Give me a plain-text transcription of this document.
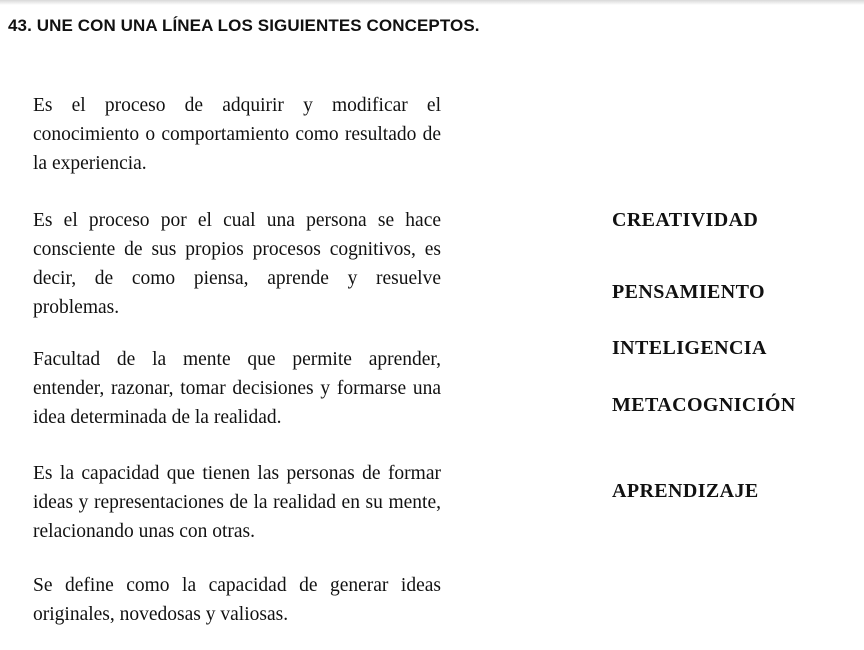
43. UNE CON UNA LÍNEA LOS SIGUIENTES CONCEPTOS.
Es el proceso de adquirir y modificar el conocimiento o comportamiento como resultado de la experiencia.
Es el proceso por el cual una persona se hace consciente de sus propios procesos cognitivos, es decir, de como piensa, aprende y resuelve problemas.
Facultad de la mente que permite aprender, entender, razonar, tomar decisiones y formarse una idea determinada de la realidad.
Es la capacidad que tienen las personas de formar ideas y representaciones de la realidad en su mente, relacionando unas con otras.
Se define como la capacidad de generar ideas originales, novedosas y valiosas.
CREATIVIDAD
PENSAMIENTO
INTELIGENCIA
METACOGNICIÓN
APRENDIZAJE
